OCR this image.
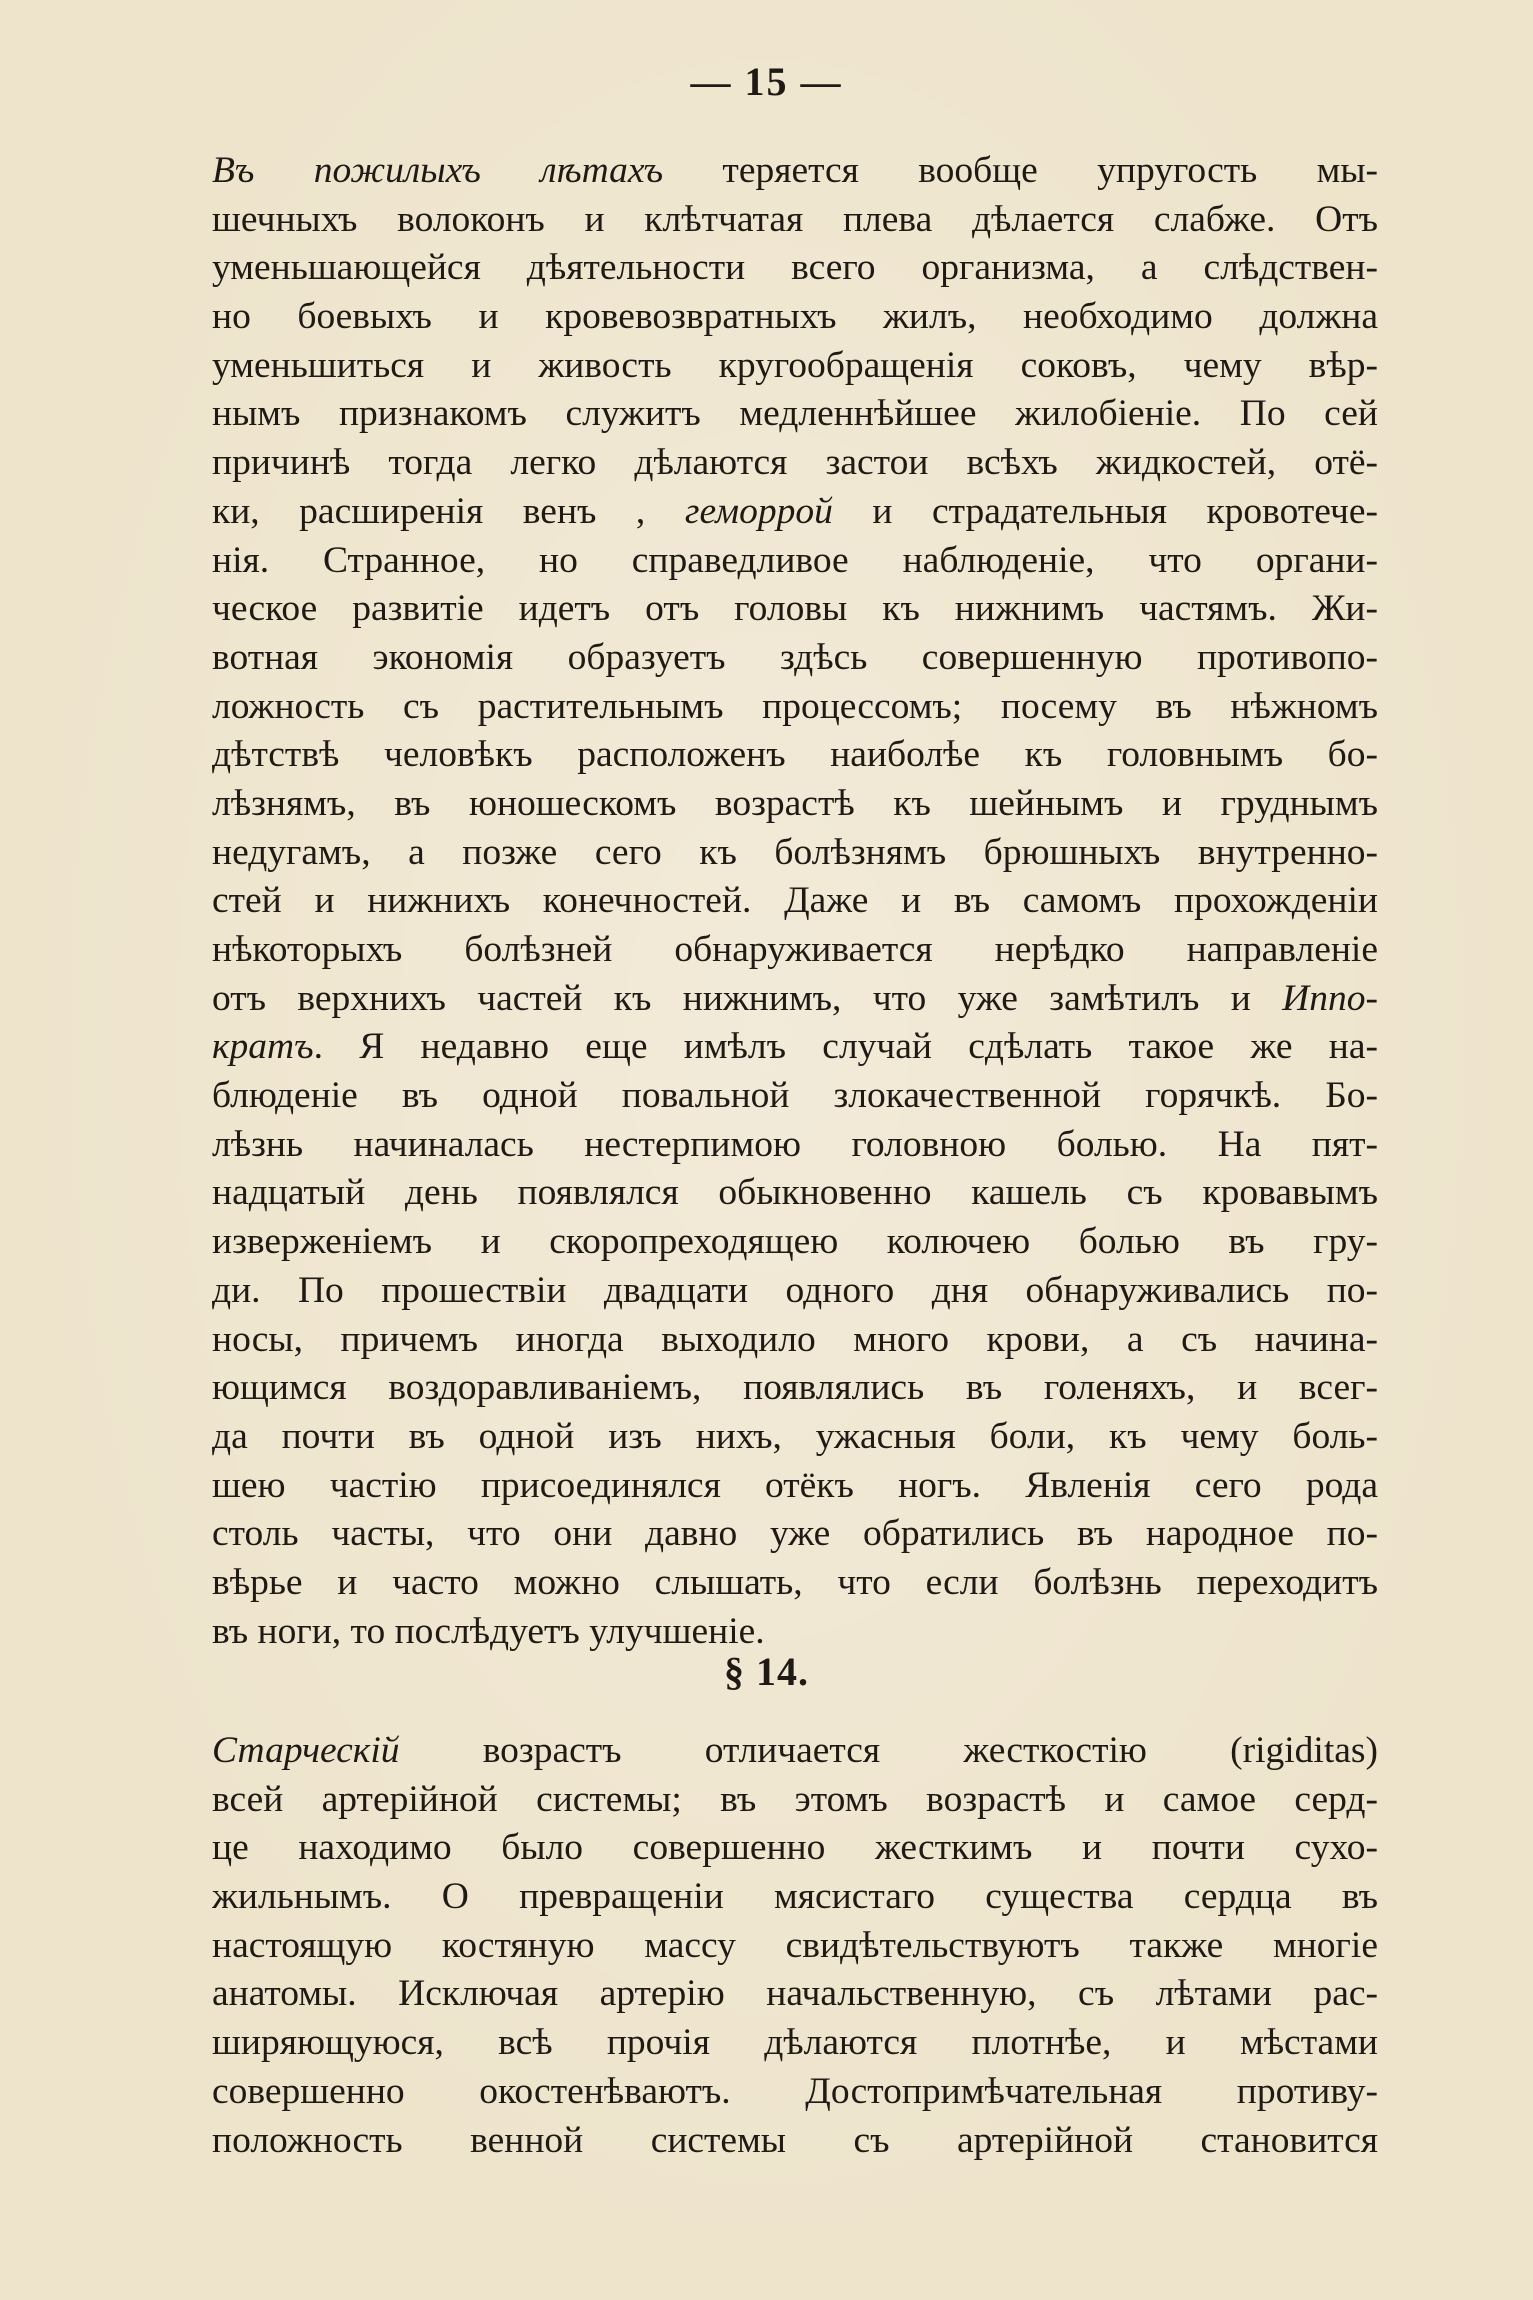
— 15 —
Въ пожилыхъ лѣтахъ теряется вообще упругость мы-
шечныхъ волоконъ и клѣтчатая плева дѣлается слабже. Отъ
уменьшающейся дѣятельности всего организма, а слѣдствен-
но боевыхъ и кровевозвратныхъ жилъ, необходимо должна
уменьшиться и живость кругообращенія соковъ, чему вѣр-
нымъ признакомъ служитъ медленнѣйшее жилобіеніе. По сей
причинѣ тогда легко дѣлаются застои всѣхъ жидкостей, отё-
ки, расширенія венъ , геморрой и страдательныя кровотече-
нія. Странное, но справедливое наблюденіе, что органи-
ческое развитіе идетъ отъ головы къ нижнимъ частямъ. Жи-
вотная экономія образуетъ здѣсь совершенную противопо-
ложность съ растительнымъ процессомъ; посему въ нѣжномъ
дѣтствѣ человѣкъ расположенъ наиболѣе къ головнымъ бо-
лѣзнямъ, въ юношескомъ возрастѣ къ шейнымъ и груднымъ
недугамъ, а позже сего къ болѣзнямъ брюшныхъ внутренно-
стей и нижнихъ конечностей. Даже и въ самомъ прохожденіи
нѣкоторыхъ болѣзней обнаруживается нерѣдко направленіе
отъ верхнихъ частей къ нижнимъ, что уже замѣтилъ и Иппо-
кратъ. Я недавно еще имѣлъ случай сдѣлать такое же на-
блюденіе въ одной повальной злокачественной горячкѣ. Бо-
лѣзнь начиналась нестерпимою головною болью. На пят-
надцатый день появлялся обыкновенно кашель съ кровавымъ
изверженіемъ и скоропреходящею колючею болью въ гру-
ди. По прошествіи двадцати одного дня обнаруживались по-
носы, причемъ иногда выходило много крови, а съ начина-
ющимся воздоравливаніемъ, появлялись въ голеняхъ, и всег-
да почти въ одной изъ нихъ, ужасныя боли, къ чему боль-
шею частію присоединялся отёкъ ногъ. Явленія сего рода
столь часты, что они давно уже обратились въ народное по-
вѣрье и часто можно слышать, что если болѣзнь переходитъ
въ ноги, то послѣдуетъ улучшеніе.
§ 14.
Старческій возрастъ отличается жесткостію (rigiditas)
всей артерійной системы; въ этомъ возрастѣ и самое серд-
це находимо было совершенно жесткимъ и почти сухо-
жильнымъ. О превращеніи мясистаго существа сердца въ
настоящую костяную массу свидѣтельствуютъ также многіе
анатомы. Исключая артерію начальственную, съ лѣтами рас-
ширяющуюся, всѣ прочія дѣлаются плотнѣе, и мѣстами
совершенно окостенѣваютъ. Достопримѣчательная противу-
положность венной системы съ артерійной становится
